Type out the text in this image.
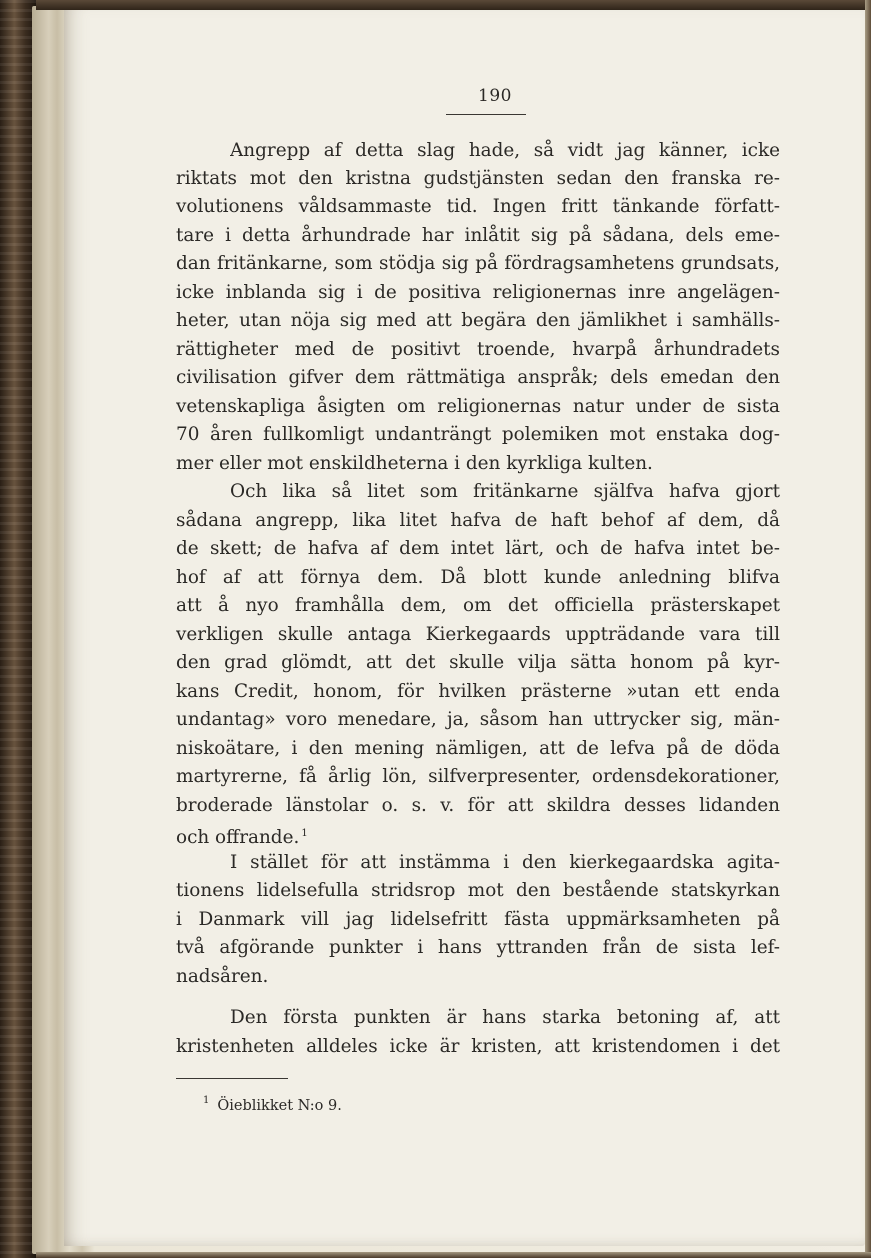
190
Angrepp af detta slag hade, så vidt jag känner, icke
riktats mot den kristna gudstjänsten sedan den franska re-
volutionens våldsammaste tid. Ingen fritt tänkande författ-
tare i detta århundrade har inlåtit sig på sådana, dels eme-
dan fritänkarne, som stödja sig på fördragsamhetens grundsats,
icke inblanda sig i de positiva religionernas inre angelägen-
heter, utan nöja sig med att begära den jämlikhet i samhälls-
rättigheter med de positivt troende, hvarpå århundradets
civilisation gifver dem rättmätiga anspråk; dels emedan den
vetenskapliga åsigten om religionernas natur under de sista
70 åren fullkomligt undanträngt polemiken mot enstaka dog-
mer eller mot enskildheterna i den kyrkliga kulten.
Och lika så litet som fritänkarne själfva hafva gjort
sådana angrepp, lika litet hafva de haft behof af dem, då
de skett; de hafva af dem intet lärt, och de hafva intet be-
hof af att förnya dem. Då blott kunde anledning blifva
att å nyo framhålla dem, om det officiella prästerskapet
verkligen skulle antaga Kierkegaards uppträdande vara till
den grad glömdt, att det skulle vilja sätta honom på kyr-
kans Credit, honom, för hvilken prästerne »utan ett enda
undantag» voro menedare, ja, såsom han uttrycker sig, män-
niskoätare, i den mening nämligen, att de lefva på de döda
martyrerne, få årlig lön, silfverpresenter, ordensdekorationer,
broderade länstolar o. s. v. för att skildra desses lidanden
och offrande. $^1$
I stället för att instämma i den kierkegaardska agita-
tionens lidelsefulla stridsrop mot den bestående statskyrkan
i Danmark vill jag lidelsefritt fästa uppmärksamheten på
två afgörande punkter i hans yttranden från de sista lef-
nadsåren.
Den första punkten är hans starka betoning af, att
kristenheten alldeles icke är kristen, att kristendomen i det
$^1$ Öieblikket N:o 9.
